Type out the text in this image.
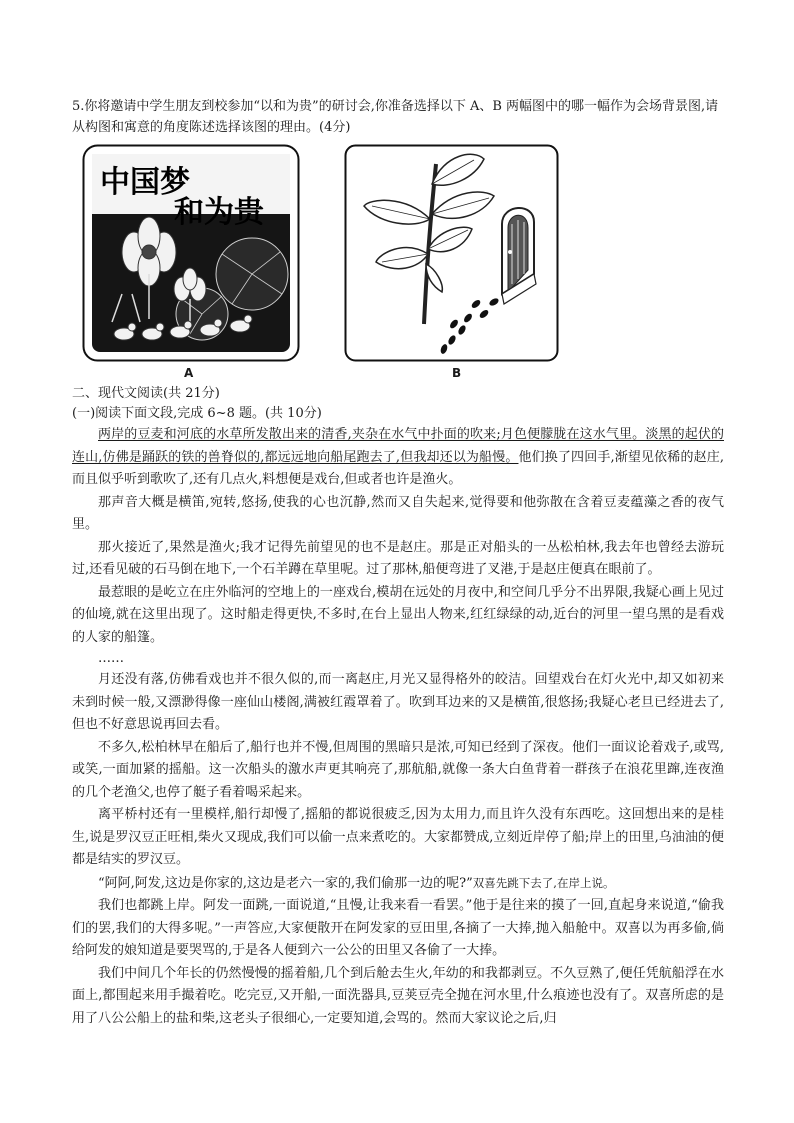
5.你将邀请中学生朋友到校参加“以和为贵”的研讨会,你准备选择以下 A、B 两幅图中的哪一幅作为会场背景图,请从构图和寓意的角度陈述选择该图的理由。(4分)

中国梦
和为贵
A	B

二、现代文阅读(共 21分)

(一)阅读下面文段,完成 6~8 题。(共 10分)

两岸的豆麦和河底的水草所发散出来的清香,夹杂在水气中扑面的吹来;月色便朦胧在这水气里。淡黑的起伏的连山,仿佛是踊跃的铁的兽脊似的,都远远地向船尾跑去了,但我却还以为船慢。他们换了四回手,渐望见依稀的赵庄,而且似乎听到歌吹了,还有几点火,料想便是戏台,但或者也许是渔火。

那声音大概是横笛,宛转,悠扬,使我的心也沉静,然而又自失起来,觉得要和他弥散在含着豆麦蕴藻之香的夜气里。

那火接近了,果然是渔火;我才记得先前望见的也不是赵庄。那是正对船头的一丛松柏林,我去年也曾经去游玩过,还看见破的石马倒在地下,一个石羊蹲在草里呢。过了那林,船便弯进了叉港,于是赵庄便真在眼前了。

最惹眼的是屹立在庄外临河的空地上的一座戏台,模胡在远处的月夜中,和空间几乎分不出界限,我疑心画上见过的仙境,就在这里出现了。这时船走得更快,不多时,在台上显出人物来,红红绿绿的动,近台的河里一望乌黑的是看戏的人家的船篷。

……

月还没有落,仿佛看戏也并不很久似的,而一离赵庄,月光又显得格外的皎洁。回望戏台在灯火光中,却又如初来未到时候一般,又漂渺得像一座仙山楼阁,满被红霞罩着了。吹到耳边来的又是横笛,很悠扬;我疑心老旦已经进去了,但也不好意思说再回去看。

不多久,松柏林早在船后了,船行也并不慢,但周围的黑暗只是浓,可知已经到了深夜。他们一面议论着戏子,或骂,或笑,一面加紧的摇船。这一次船头的激水声更其响亮了,那航船,就像一条大白鱼背着一群孩子在浪花里蹿,连夜渔的几个老渔父,也停了艇子看着喝采起来。

离平桥村还有一里模样,船行却慢了,摇船的都说很疲乏,因为太用力,而且许久没有东西吃。这回想出来的是桂生,说是罗汉豆正旺相,柴火又现成,我们可以偷一点来煮吃的。大家都赞成,立刻近岸停了船;岸上的田里,乌油油的便都是结实的罗汉豆。

“阿阿,阿发,这边是你家的,这边是老六一家的,我们偷那一边的呢?”双喜先跳下去了,在岸上说。

我们也都跳上岸。阿发一面跳,一面说道,“且慢,让我来看一看罢。”他于是往来的摸了一回,直起身来说道,“偷我们的罢,我们的大得多呢。”一声答应,大家便散开在阿发家的豆田里,各摘了一大捧,抛入船舱中。双喜以为再多偷,倘给阿发的娘知道是要哭骂的,于是各人便到六一公公的田里又各偷了一大捧。

我们中间几个年长的仍然慢慢的摇着船,几个到后舱去生火,年幼的和我都剥豆。不久豆熟了,便任凭航船浮在水面上,都围起来用手撮着吃。吃完豆,又开船,一面洗器具,豆荚豆壳全抛在河水里,什么痕迹也没有了。双喜所虑的是用了八公公船上的盐和柴,这老头子很细心,一定要知道,会骂的。然而大家议论之后,归
